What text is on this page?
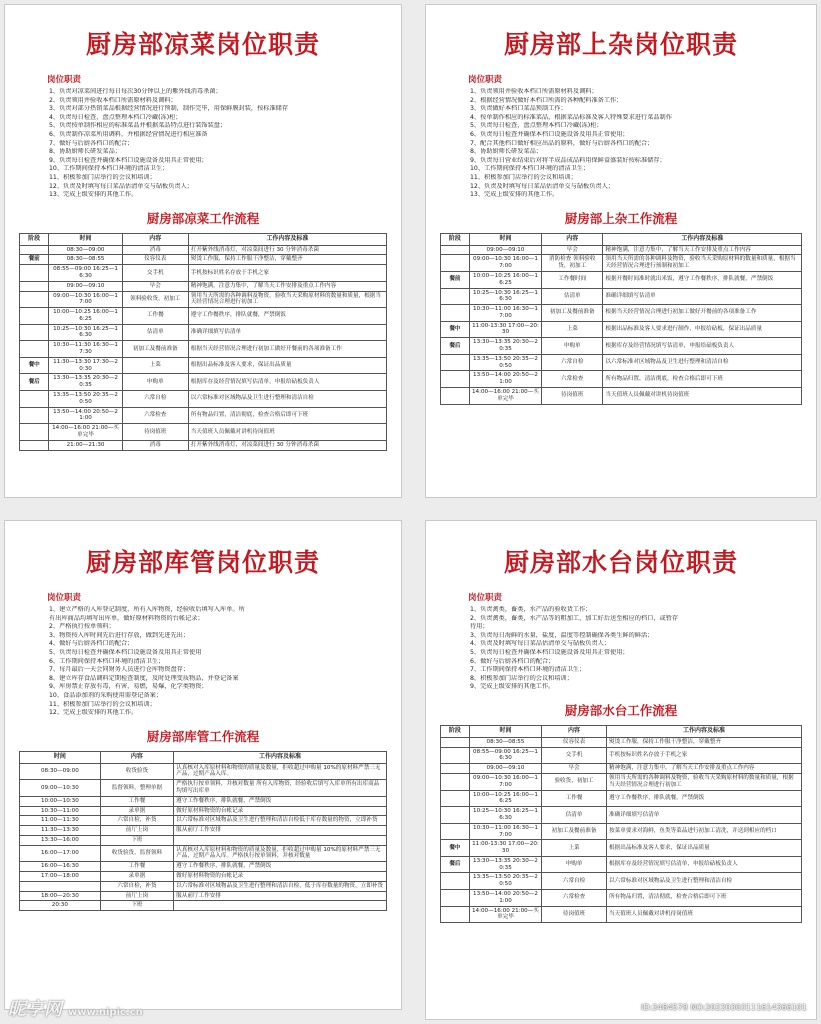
厨房部凉菜岗位职责
岗位职责
1、负责对凉菜间进行每日每次30分钟以上的紫外线消毒杀菌；
2、负责领用并验收本档口所需原材料及调料；
3、负责对部分热销菜品根据经营情况进行预制，制作完毕，用保鲜膜封装，按标准储存
4、负责每日检查，盘点整理本档口冷藏(冻)柜；
5、负责按单制作相应的标准菜品并根据菜品特点进行装饰装盘；
6、负责制作凉菜所用调料，并根据经营情况进行相应准备
7、做好与后厨各档口的配合；
8、协助厨师长研发菜品；
9、负责每日检查并确保本档口设施设备及用具正常使用；
10、工作期间保持本档口环境的清洁卫生；
11、积极参加门店举行的会议和培训；
12、负责及时填写每日菜品估清单交与砧板负责人；
13、完成上级安排的其他工作。
厨房部凉菜工作流程
阶段	时间	内容	工作内容及标准
	08:30—09:00	消毒	打开紫外线消毒灯，对凉菜间进行 30 分钟消毒杀菌
餐前	08:30—08:55	仪容仪表	熨烫工作服，保持工作服干净整洁，穿戴整齐
	08:55—09:00 16:25—16:30	交手机	手机按标识姓名存放于手机之家
	09:00—09:10	早会	精神饱满，注意力集中，了解当天工作安排及重点工作内容
	09:00—10:30 16:00—17:00	领料验收货，初加工	领用当天所需的各种调料及物资，验收当天采购原材料的数量和质量，根据当天经营情况合理进行初加工
	10:00—10:25 16:00—16:25	工作餐	遵守工作餐秩序，排队就餐，严禁倒饭
	10:25—10:30 16:25—16:30	估清单	准确详细填写估清单
	10:30—11:30 16:30—17:30	初加工及餐前准备	根据当天经营情况合理进行初加工做好开餐前的各项准备工作
餐中	11:30—13:30 17:30—20:30	上菜	根据出品标准及客人要求，保证出品质量
餐后	13:30—13:35 20:30—20:35	申购单	根据库存及经营情况填写估清单，申报给砧板负责人
	13:35—13:50 20:35—20:50	六常自检	以六常标准对区域物品及卫生进行整理和清洁自检
	13:50—14:00 20:50—21:00	六常检查	所有物品归置，清洁彻底，检查合格后即可下班
	14:00—16:00 21:00—买单完毕	待岗值班	当天值班人员佩戴对讲机待岗值班
	21:00—21:30	消毒	打开紫外线消毒灯，对凉菜间进行 30 分钟消毒杀菌
厨房部上杂岗位职责
岗位职责
1、负责领用并验收本档口所需原材料及调料；
2、根据经营情况做好本档口所需的各种配料准备工作；
3、负责做好本档口菜品预制工作；
4、按单制作相应的标准菜品，根据菜品标准及客人特殊要求进行菜品制作
5、负责每日检查，盘点整理本档口冷藏(冻)柜；
6、负责每日检查并确保本档口设施设备及用具正常使用；
7、配合其他档口做好相应出品的原料，做好与后厨各档口的配合；
8、协助厨师长研发菜品；
9、负责每日营业结束后对将半成品成品料用保鲜盒盛装好按标准储存；
10、工作期间保持本档口环境的清洁卫生；
11、积极参加门店举行的会议和培训；
12、负责及时填写每日菜品估清单交与砧板负责人；
13、完成上级安排的其他工作。
厨房部上杂工作流程
阶段	时间	内容	工作内容及标准
	09:00—09:10	早会	精神饱满，注意力集中，了解当天工作安排及重点工作内容
	09:00—10:30 16:00—17:00	消防检查 领料验收货，初加工	领用当天所需的各种调料及物资，验收当天采购原材料的数量和质量，根据当天经营情况合理进行预制和初加工
餐前	10:00—10:25 16:00—16:25	工作餐时间	根据开餐时间准时就出米饭，遵守工作餐秩序，排队就餐，严禁倒饭
	10:25—10:30 16:25—16:30	估清单	准确详细填写估清单
	10:30—11:00 16:30—17:00	初加工及餐前准备	根据当天经营情况合理进行初加工做好开餐前的各项准备工作
餐中	11:00-13:30 17:00—20:30	上菜	根据出品标准及客人要求进行制作，申报给砧板，保证出品质量
餐后	13:30—13:35 20:30—20:35	申购单	根据库存及经营情况填写估清单，申报给砧板负责人
	13:35—13:50 20:35—20:50	六常自检	以六常标准对区域物品及卫生进行整理和清洁自检
	13:50—14:00 20:50—21:00	六常检查	所有物品归置，清洁彻底，检查合格后即可下班
	14:00—16:00 21:00—买单完毕	待岗值班	当天值班人员佩戴对讲机待岗值班
厨房部库管岗位职责
岗位职责
1、建立严格的入库登记制度，所有入库物资，经验收后填写入库单。所
有出库商品均填写出库单，做好原材料物资的台帐记录；
2、严格执行按单领料；
3、物资按入库时间先后进行存放，做到先进先出；
4、做好与后厨各档口的配合；
5、负责每日检查并确保本档口设施设备及用具正常使用
6、工作期间保持本档口环境的清洁卫生；
7、每月最后一天会同财务人员进行仓库物资盘存；
8、建立库存食品调料定期检查制度，及时处理变质物品，并登记备案
9、库房禁止存放有毒，有害，易燃，易爆，化学类物资；
10、食品添加剂的采购使用需登记备案；
11、积极参加门店举行的会议和培训；
12、完成上级安排的其他工作。
厨房部库管工作流程
时间	内容	工作内容及标准
08:30—09:00	收货验货	认真核对入库原材料和物资的质量及数量，拒收超过申购量 10%的原材料严禁三无产品，过期产品入库。
09:00—10:30	监督领料，整理单据	严格执行按单领料，并核对数量 所有入库物资，经验收后填写入库单所有出库商品均填写出库单
10:00—10:30	工作餐	遵守工作餐秩序，排队就餐，严禁倒饭
10:30—11:00	录单据	做好原材料物资的台帐记录
11:00—11:30	六常自检，补货	以六常标准对区域物品及卫生进行整理和清洁自检低于库存数量的物资，立即补货
11:30—13:30	前厅上岗	服从前厅工作安排
13:30—16:00	下班	
16:00—17:00	收货验货，监督领料	认真核对入库原材料和物资的质量及数量，拒收超过申购量 10%的原材料严禁三无产品，过期产品入库。严格执行按单领料，并核对数量
16:00—16:30	工作餐	遵守工作餐秩序，排队就餐，严禁倒饭
17:00—18:00	录单据	做好原材料物资的台帐记录
	六常自检，补货	以六常标准对区域物品及卫生进行整理和清洁自检，低于库存数量的物资，立即补货
18:00—20:30	前厅上岗	服从前厅工作安排
20:30	下班	
厨房部水台岗位职责
岗位职责
1、负责禽类，畜类，水产品的验收货工作；
2、负责禽类，畜类，水产品等的粗加工，加工好后送至相应的档口，或暂存
待用；
3、负责每日海鲜的水量，盐度，温度等控制确保各类生鲜的鲜活；
4、负责及时填写每日菜品估清单交与砧板负责人；
5、负责每日检查并确保本档口设施设备及用具正常使用；
6、做好与后厨各档口的配合；
7、工作期间保持本档口环境的清洁卫生；
8、积极参加门店举行的会议和培训；
9、完成上级安排的其他工作。
厨房部水台工作流程
阶段	时间	内容	工作内容及标准
	08:30—08:55	仪容仪表	熨烫工作服，保持工作服干净整洁，穿戴整齐
	08:55—09:00 16:25—16:30	交手机	手机按标识姓名存放于手机之家
	09:00—09:10	早会	精神饱满，注意力集中，了解当天工作安排及重点工作内容
	09:00—10:30 16:00—17:00	验收货，初加工	领用当天所需的各种调料及物资，验收当天采购原材料的数量和质量，根据当天经营情况合理进行初加工
	10:00—10:25 16:00—16:25	工作餐	遵守工作餐秩序，排队就餐，严禁倒饭
	10:25—10:30 16:25—16:30	估清单	准确详细填写估清单
	10:30—11:00 16:30—17:00	初加工及餐前准备	按菜单要求对海鲜，鱼类等菜品进行初加工清洗，并送到相应的档口
餐中	11:00-13:30 17:00—20:30	上菜	根据出品标准及客人要求，保证出品质量
餐后	13:30—13:35 20:30—20:35	申购单	根据库存及经营情况填写估清单，申报给砧板负责人
	13:35—13:50 20:35—20:50	六常自检	以六常标准对区域物品及卫生进行整理和清洁自检
	13:50—14:00 20:50—21:00	六常检查	所有物品归置，清洁彻底，检查合格后即可下班
	14:00—16:00 21:00—买单完毕	待岗值班	当天值班人员佩戴对讲机待岗值班
昵享网 www.nipic.cn	ID:3484578 NO:20220303111614366101
